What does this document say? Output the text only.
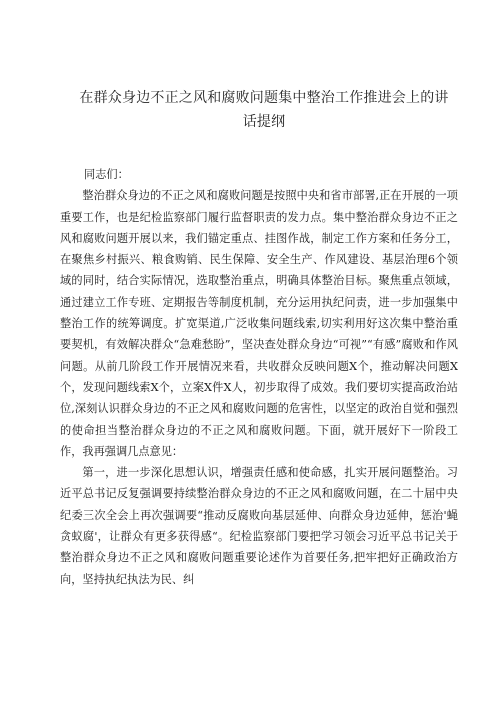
在群众身边不正之风和腐败问题集中整治工作推进会上的讲话提纲

同志们：

整治群众身边的不正之风和腐败问题是按照中央和省市部署,正在开展的一项重要工作，也是纪检监察部门履行监督职责的发力点。集中整治群众身边不正之风和腐败问题开展以来，我们锚定重点、挂图作战，制定工作方案和任务分工，在聚焦乡村振兴、粮食购销、民生保障、安全生产、作风建设、基层治理6个领域的同时，结合实际情况，选取整治重点，明确具体整治目标。聚焦重点领域，通过建立工作专班、定期报告等制度机制，充分运用执纪问责，进一步加强集中整治工作的统筹调度。扩宽渠道,广泛收集问题线索,切实利用好这次集中整治重要契机，有效解决群众“急难愁盼”，坚决查处群众身边“可视”“有感”腐败和作风问题。从前几阶段工作开展情况来看，共收群众反映问题X个，推动解决问题X个，发现问题线索X个，立案X件X人，初步取得了成效。我们要切实提高政治站位,深刻认识群众身边的不正之风和腐败问题的危害性，以坚定的政治自觉和强烈的使命担当整治群众身边的不正之风和腐败问题。下面，就开展好下一阶段工作，我再强调几点意见：

第一，进一步深化思想认识，增强责任感和使命感，扎实开展问题整治。习近平总书记反复强调要持续整治群众身边的不正之风和腐败问题，在二十届中央纪委三次全会上再次强调要“推动反腐败向基层延伸、向群众身边延伸，惩治'蝇贪蚁腐'，让群众有更多获得感“。纪检监察部门要把学习领会习近平总书记关于整治群众身边不正之风和腐败问题重要论述作为首要任务,把牢把好正确政治方向，坚持执纪执法为民、纠
